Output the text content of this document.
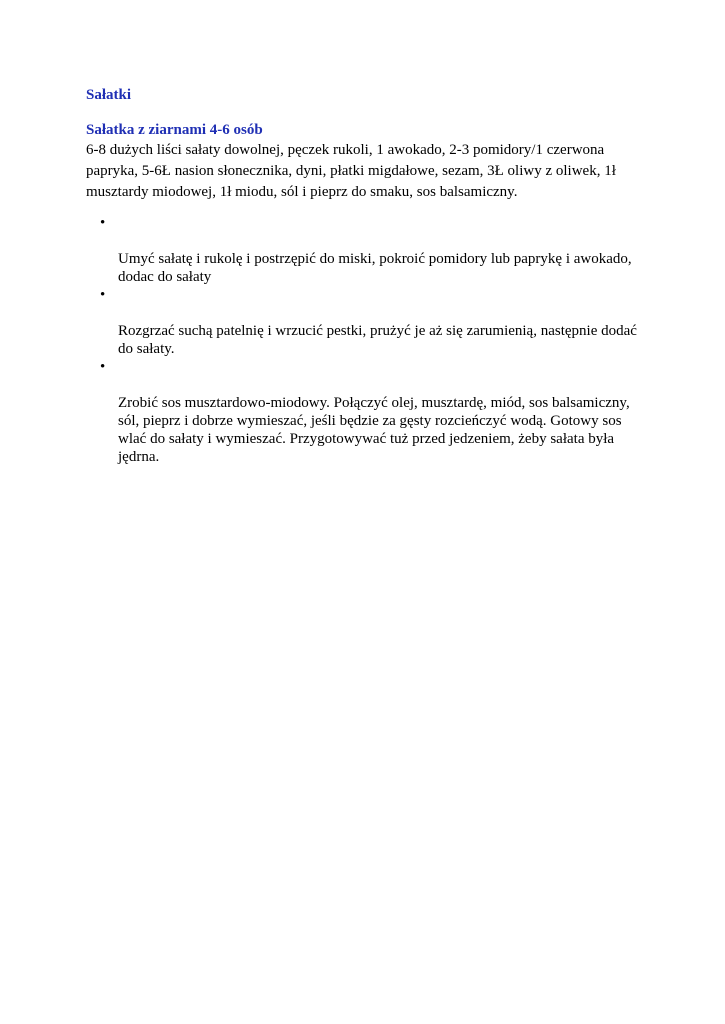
Sałatki
Sałatka z ziarnami 4-6 osób

6-8 dużych liści sałaty dowolnej, pęczek rukoli, 1 awokado, 2-3 pomidory/1 czerwona
papryka, 5-6Ł nasion słonecznika, dyni, płatki migdałowe, sezam, 3Ł oliwy z oliwek, 1ł
musztardy miodowej, 1ł miodu, sól i pieprz do smaku, sos balsamiczny.

•

Umyć sałatę i rukolę i postrzępić do miski, pokroić pomidory lub paprykę i awokado,
dodac do sałaty

•

Rozgrzać suchą patelnię i wrzucić pestki, prużyć je aż się zarumienią, następnie dodać
do sałaty.

•

Zrobić sos musztardowo-miodowy. Połączyć olej, musztardę, miód, sos balsamiczny,
sól, pieprz i dobrze wymieszać, jeśli będzie za gęsty rozcieńczyć wodą. Gotowy sos
wlać do sałaty i wymieszać. Przygotowywać tuż przed jedzeniem, żeby sałata była
jędrna.
